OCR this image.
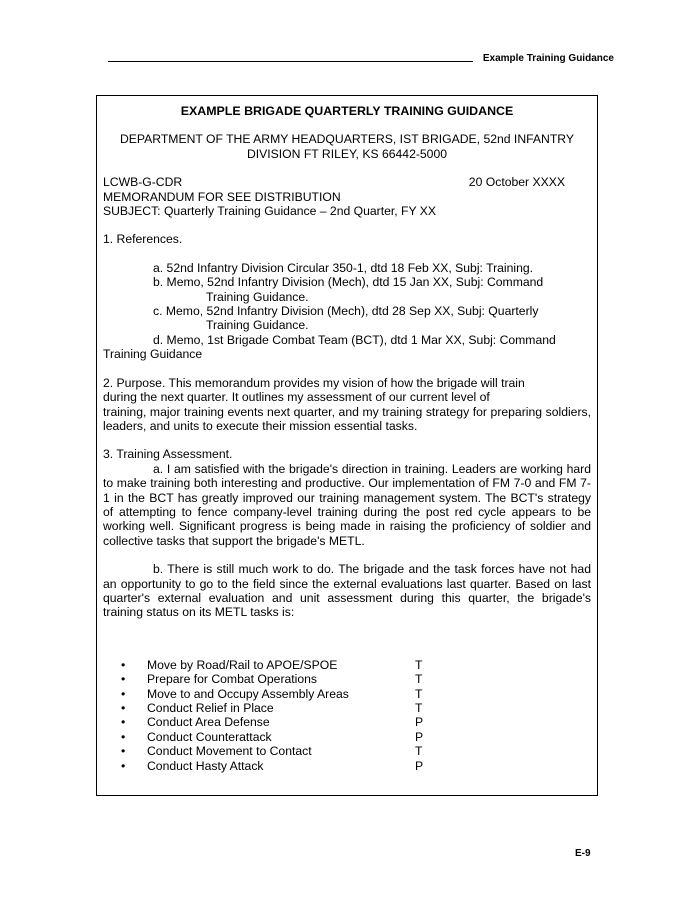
Example Training Guidance

EXAMPLE BRIGADE QUARTERLY TRAINING GUIDANCE

DEPARTMENT OF THE ARMY HEADQUARTERS, IST BRIGADE, 52nd INFANTRY
DIVISION FT RILEY, KS 66442-5000

LCWB-G-CDR	20 October XXXX

MEMORANDUM FOR SEE DISTRIBUTION

SUBJECT: Quarterly Training Guidance – 2nd Quarter, FY XX

1. References.

a. 52nd Infantry Division Circular 350-1, dtd 18 Feb XX, Subj: Training.

b. Memo, 52nd Infantry Division (Mech), dtd 15 Jan XX, Subj: Command
Training Guidance.

c. Memo, 52nd Infantry Division (Mech), dtd 28 Sep XX, Subj: Quarterly
Training Guidance.

d. Memo, 1st Brigade Combat Team (BCT), dtd 1 Mar XX, Subj: Command
Training Guidance

2. Purpose. This memorandum provides my vision of how the brigade will train
during the next quarter. It outlines my assessment of our current level of

training, major training events next quarter, and my training strategy for preparing soldiers, leaders, and units to execute their mission essential tasks.

3. Training Assessment.

a. I am satisfied with the brigade's direction in training. Leaders are working hard to make training both interesting and productive. Our implementation of FM 7-0 and FM 7-1 in the BCT has greatly improved our training management system. The BCT's strategy of attempting to fence company-level training during the post red cycle appears to be working well. Significant progress is being made in raising the proficiency of soldier and collective tasks that support the brigade's METL.

b. There is still much work to do. The brigade and the task forces have not had an opportunity to go to the field since the external evaluations last quarter. Based on last quarter's external evaluation and unit assessment during this quarter, the brigade's training status on its METL tasks is:

•	Move by Road/Rail to APOE/SPOE	T
•	Prepare for Combat Operations	T
•	Move to and Occupy Assembly Areas	T
•	Conduct Relief in Place	T
•	Conduct Area Defense	P
•	Conduct Counterattack	P
•	Conduct Movement to Contact	T
•	Conduct Hasty Attack	P
E-9
